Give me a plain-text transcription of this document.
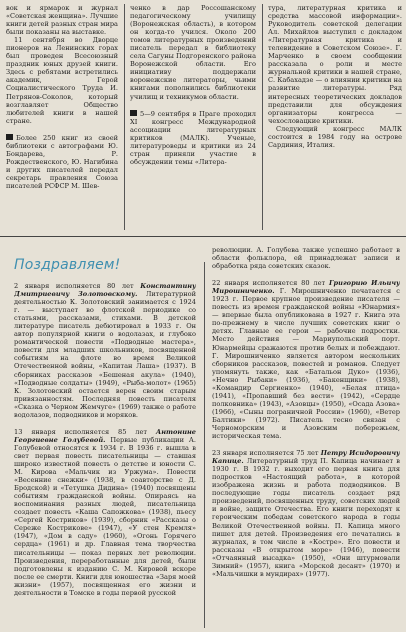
вок и ярмарок и журнал «Советская женщина». Лучшие книги детей разных стран мира были показаны на выставке.

11 сентября во Дворце пионеров на Ленинских горах был проведен Всесоюзный праздник юных друзей книги. Здесь с ребятами встретились академик, Герой Социалистического Труда И. Петрянов-Соколов, который возглавляет Общество любителей книги в нашей стране.

Более 250 книг из своей библиотеки с автографами Ю. Бондарева, Р. Рождественского, Ю. Нагибина и других писателей передал секретарь правления Союза писателей РСФСР М. Шев-

ченко в дар Россошанскому педагогическому училищу (Воронежская область), в котором он когда-то учился. Около 200 томов литературных произведений писатель передал в библиотеку села Сагуны Подгоренского района Воронежской области. Его инициативу поддержали воронежские литераторы, чьими книгами пополнились библиотеки училищ и техникумов области.

5—9 сентября в Праге проходил XI конгресс Международной ассоциации литературных критиков (МАЛК). Ученые, литературоведы и критики из 24 стран приняли участие в обсуждении темы «Литера-

тура, литературная критика и средства массовой информации». Руководитель советской делегации Ал. Михайлов выступил с докладом «Литературная критика и телевидение в Советском Союзе». Г. Марченко в своем сообщении рассказала о роли и месте журнальной критики в нашей стране, С. Кабахадзе — о влиянии критики на развитие литературы. Ряд интересных теоретических докладов представили для обсуждения организаторы конгресса — чехословацкие критики.

Следующий конгресс МАЛК состоится в 1984 году на острове Сардиния, Италия.

Поздравляем!

2 января исполняется 80 лет Константину Дмитриевичу Золотовскому. Литературной деятельностью К. Золотовский занимается с 1924 г. — выступает во флотской периодике со статьями, рассказами, стихами. В детской литературе писатель дебютировал в 1933 г. Он автор популярной книги о водолазах, и глубоко романтической повести «Подводные мастера», повести для младших школьников, посвященной событиям на флоте во время Великой Отечественной войны, «Капитан Лаша» (1937). В сборниках рассказов «Бешеная акула» (1940), «Подводные солдаты» (1949), «Рыба-молот» (1965) К. Золотовский остается верен своим старым привязанностям. Последняя повесть писателя «Сказка о Черном Жемчуге» (1969) также о работе водолазов, подводников и моряков.

13 января исполняется 85 лет Антонине Георгиевне Голубевой. Первые публикации А. Голубевой относятся к 1934 г. В 1936 г. вышла в свет первая повесть писательницы — ставшая широко известной повесть о детстве и юности С. М. Кирова «Мальчик из Уржума». Повести «Весенние снежки» (1938, в соавторстве с Д. Бродской) и «Тетушка Дидина» (1940) посвящены событиям гражданской войны. Опираясь на воспоминания разных людей, писательница создает повесть «Каша Сапожкова» (1938), пьесу «Сергей Костриков» (1939), сборник «Рассказы о Сереже Кострикове» (1947), «У стен Кремля» (1947), «Дом в саду» (1960), «Огонь Горячего сердца» (1961) и др. Главная тема творчества писательницы — показ первых лет революции. Произведения, переработанные для детей, были подготовлены к изданию С. М. Кировой вскоре после ее смерти. Книги для юношества «Заря моей жизни» (1957), посвященная его жизни и деятельности в Томске в годы первой русской

революции. А. Голубева также успешно работает в области фольклора, ей принадлежат записи и обработка ряда советских сказок.

22 января исполняется 80 лет Григорию Ильичу Мирошниченко. Г. Мирошниченко печатается с 1923 г. Первое крупное произведение писателя — повесть из времен гражданской войны «Юнармия» — впервые была опубликована в 1927 г. Книга эта по-прежнему в числе лучших советских книг о детях. Главные ее герои — рабочие подростки. Место действия — Мариупольский порт. Юнармейцы сражаются против белых и побеждают. Г. Мирошниченко является автором нескольких сборников рассказов, повестей и романов. Следует упомянуть также, как «Батальон Дуко» (1936), «Нечно Рыбаки» (1936), «Бакенщики» (1938), «Командир Сергиенко» (1940), «Белая птица» (1941), «Пропавший без вести» (1942), «Сердце полковника» (1943), «Азовцы» (1950), «Осада Азова» (1966), «Сыны пограничной России» (1960), «Ветер Балтики» (1972). Писатель тесно связан с Черноморским и Азовским побережьем, историческая тема.

23 января исполняется 75 лет Петру Исидоровичу Капице. Литературный труд П. Капица начинает в 1930 г. В 1932 г. выходит его первая книга для подростков «Настоящий работа», в которой изображена жизнь и работа подводников. В последующие годы писатель создает ряд произведений, посвященных труду, советских людей и войне, защите Отечества. Его книги переходят к героическим победам советского народа в годы Великой Отечественной войны. П. Капица много пишет для детей. Произведения его печатались в журналах, в том числе в «Костре». Его повести и рассказы «В открытом море» (1946), повести «Отчаянный высадка» (1950), «Они штурмовали Зимний» (1957), книга «Морской десант» (1970) и «Мальчишки в мундирах» (1977).
